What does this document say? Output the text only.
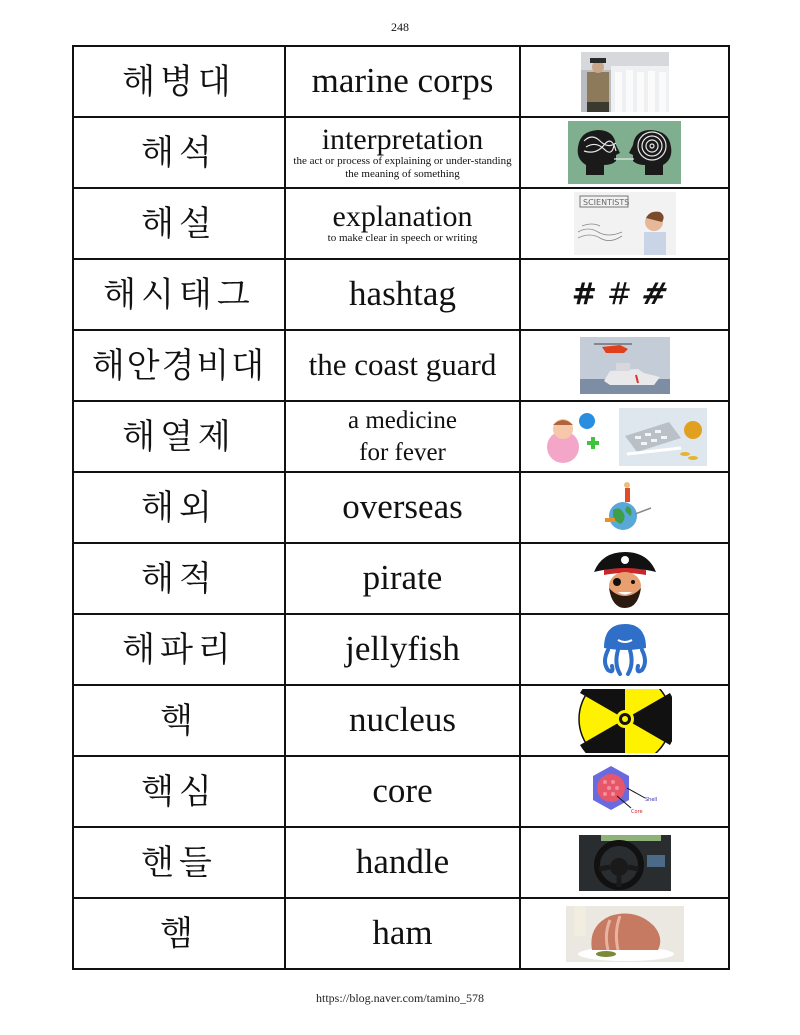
248
해병대	marine corps	
해석	interpretation
the act or process of explaining or under-standing the meaning of something

해설	explanation
to make clear in speech or writing	SCIENTISTS

해시태그	hashtag	###
해안경비대	the coast guard	
해열제	a medicine
for fever

해외	overseas	
해적	pirate	
해파리	jellyfish	
핵	nucleus	
핵심	core	Shell
Core

핸들	handle	
햄	ham	
https://blog.naver.com/tamino_578
